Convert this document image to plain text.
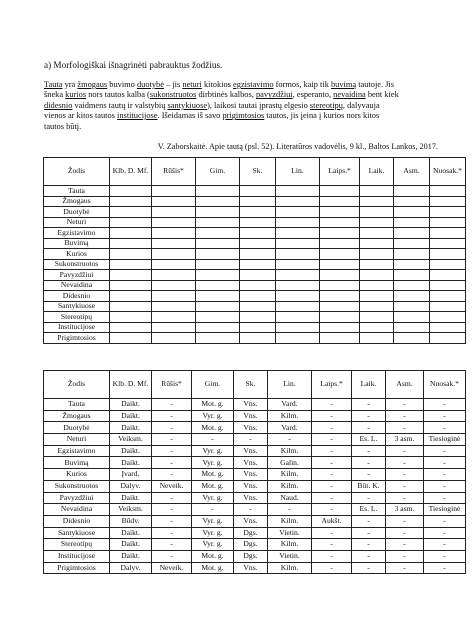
a) Morfologiškai išnagrinėti pabrauktus žodžius.
Tauta yra žmogaus buvimo duotybė – jis neturi kitokios egzistavimo formos, kaip tik buvimą tautoje. Jis
šneka kurios nors tautos kalba (sukonstruotos dirbtinės kalbos, pavyzdžiui, esperanto, nevaidina bent kiek
didesnio vaidmens tautų ir valstybių santykiuose), laikosi tautai įprastų elgesio stereotipų, dalyvauja
vienos ar kitos tautos institucijose. Išeidamas iš savo prigimtosios tautos, jis įeina į kurios nors kitos
tautos būtį.
V. Zaborskaitė. Apie tautą (psl. 52). Literatūros vadovėlis, 9 kl., Baltos Lankos, 2017.
Žodis	Klb. D. Mf.	Rūšis*	Gim.	Sk.	Lin.	Laips.*	Laik.	Asm.	Nuosak.*
Tauta									
Žmogaus									
Duotybė									
Neturi									
Egzistavimo									
Buvimą									
Kurios									
Sukonstruotos									
Pavyzdžiui									
Nevaidina									
Didesnio									
Santykiuose									
Stereotipų									
Institucijose									
Prigimtosios									
Žodis	Klb. D. Mf.	Rūšis*	Gim.	Sk.	Lin.	Laips.*	Laik.	Asm.	Nuosak.*
Tauta	Daikt.	-	Mot. g.	Vns.	Vard.	-	-	-	-
Žmogaus	Daikt.	-	Vyr. g.	Vns.	Kilm.	-	-	-	-
Duotybė	Daikt.	-	Mot. g.	Vns.	Vard.	-	-	-	-
Neturi	Veiksm.	-	-	-	-	-	Es. L.	3 asm.	Tiesioginė
Egzistavimo	Daikt.	-	Vyr. g.	Vns.	Kilm.	-	-	-	-
Buvimą	Daikt.	-	Vyr. g.	Vns.	Galin.	-	-	-	-
Kurios	Įvard.	-	Mot. g.	Vns.	Kilm.	-	-	-	-
Sukonstruotos	Dalyv.	Neveik.	Mot. g.	Vns.	Kilm.	-	Būt. K.	-	-
Pavyzdžiui	Daikt.	-	Vyr. g.	Vns.	Naud.	-	-	-	-
Nevaidina	Veiksm.	-	-	-	-	-	Es. L.	3 asm.	Tiesioginė
Didesnio	Būdv.	-	Vyr. g.	Vns.	Kilm.	Aukšt.	-	-	-
Santykiuose	Daikt.	-	Vyr. g.	Dgs.	Vietin.	-	-	-	-
Stereotipų	Daikt.	-	Vyr. g.	Dgs.	Kilm.	-	-	-	-
Institucijose	Daikt.	-	Mot. g.	Dgs.	Vietin.	-	-	-	-
Prigimtosios	Dalyv.	Neveik.	Mot. g.	Vns.	Kilm.	-	-	-	-
